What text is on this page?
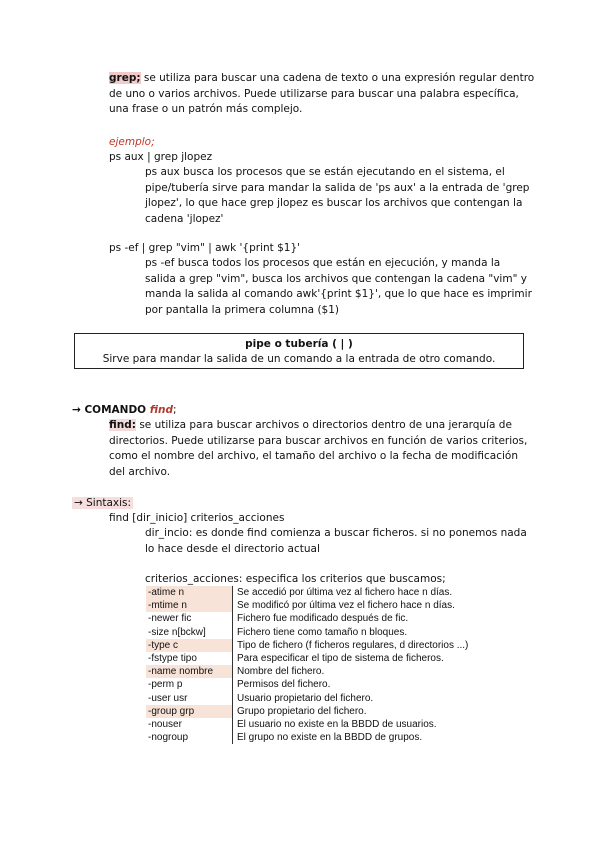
grep; se utiliza para buscar una cadena de texto o una expresión regular dentro
de uno o varios archivos. Puede utilizarse para buscar una palabra específica,
una frase o un patrón más complejo.

ejemplo;

ps aux | grep jlopez

ps aux busca los procesos que se están ejecutando en el sistema, el
pipe/tubería sirve para mandar la salida de 'ps aux' a la entrada de 'grep
jlopez', lo que hace grep jlopez es buscar los archivos que contengan la
cadena 'jlopez'

ps -ef | grep "vim" | awk '{print $1}'

ps -ef busca todos los procesos que están en ejecución, y manda la
salida a grep "vim", busca los archivos que contengan la cadena "vim" y
manda la salida al comando awk'{print $1}', que lo que hace es imprimir
por pantalla la primera columna ($1)

pipe o tubería ( | )
Sirve para mandar la salida de un comando a la entrada de otro comando.

→ COMANDO find;

find: se utiliza para buscar archivos o directorios dentro de una jerarquía de
directorios. Puede utilizarse para buscar archivos en función de varios criterios,
como el nombre del archivo, el tamaño del archivo o la fecha de modificación
del archivo.

→ Sintaxis:

find [dir_inicio] criterios_acciones

dir_incio: es donde find comienza a buscar ficheros. si no ponemos nada
lo hace desde el directorio actual

criterios_acciones: especifica los criterios que buscamos;

-atime n	Se accedió por última vez al fichero hace n días.
-mtime n	Se modificó por última vez el fichero hace n días.
-newer fic	Fichero fue modificado después de fic.
-size n[bckw]	Fichero tiene como tamaño n bloques.
-type c	Tipo de fichero (f ficheros regulares, d directorios ...)
-fstype tipo	Para especificar el tipo de sistema de ficheros.
-name nombre	Nombre del fichero.
-perm p	Permisos del fichero.
-user usr	Usuario propietario del fichero.
-group grp	Grupo propietario del fichero.
-nouser	El usuario no existe en la BBDD de usuarios.
-nogroup	El grupo no existe en la BBDD de grupos.
